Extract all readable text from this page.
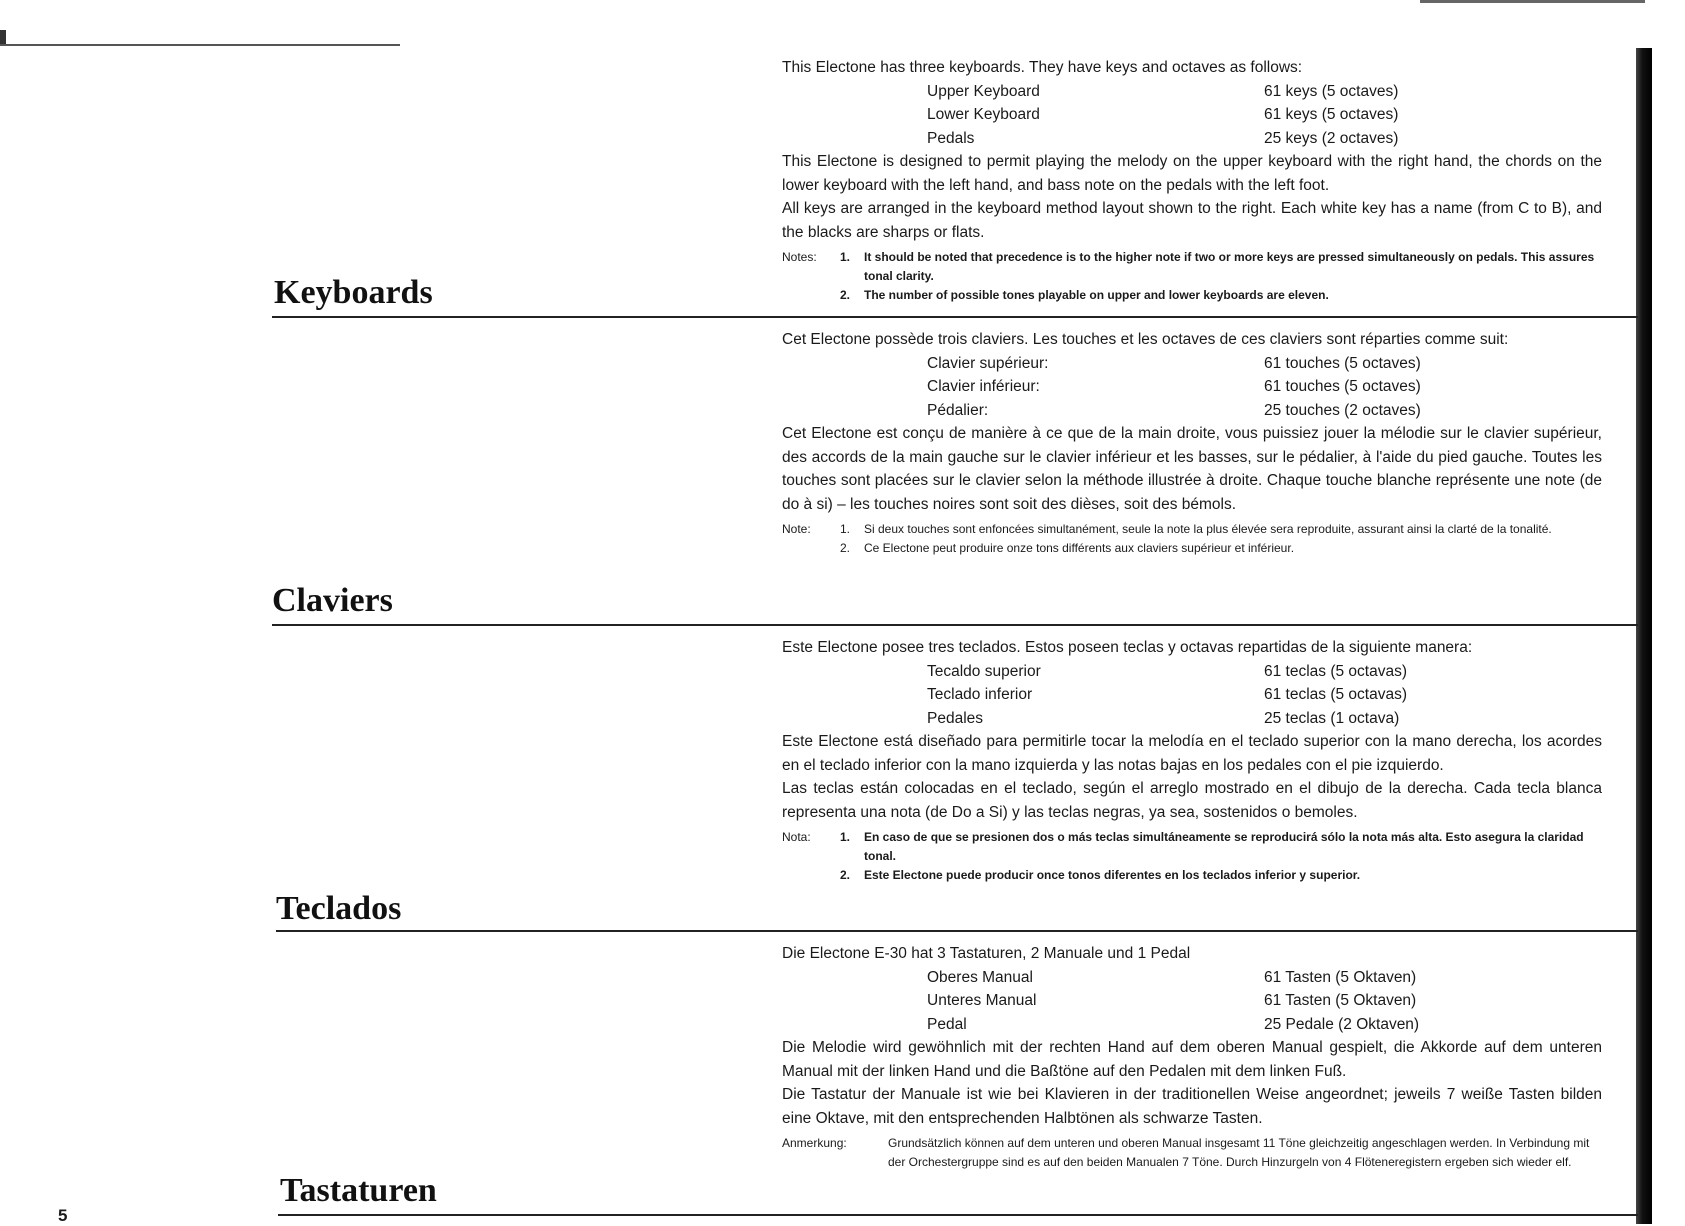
This Electone has three keyboards. They have keys and octaves as follows:

Upper Keyboard	61 keys (5 octaves)
Lower Keyboard	61 keys (5 octaves)
Pedals	25 keys (2 octaves)

This Electone is designed to permit playing the melody on the upper keyboard with the right hand, the chords on the lower keyboard with the left hand, and bass note on the pedals with the left foot.

All keys are arranged in the keyboard method layout shown to the right. Each white key has a name (from C to B), and the blacks are sharps or flats.

Notes:	1.	It should be noted that precedence is to the higher note if two or more keys are pressed simultaneously on pedals. This assures tonal clarity.
2.	The number of possible tones playable on upper and lower keyboards are eleven.
Keyboards

Cet Electone possède trois claviers. Les touches et les octaves de ces claviers sont réparties comme suit:

Clavier supérieur:	61 touches (5 octaves)
Clavier inférieur:	61 touches (5 octaves)
Pédalier:	25 touches (2 octaves)

Cet Electone est conçu de manière à ce que de la main droite, vous puissiez jouer la mélodie sur le clavier supérieur, des accords de la main gauche sur le clavier inférieur et les basses, sur le pédalier, à l'aide du pied gauche. Toutes les touches sont placées sur le clavier selon la méthode illustrée à droite. Chaque touche blanche représente une note (de do à si) – les touches noires sont soit des dièses, soit des bémols.

Note:	1.	Si deux touches sont enfoncées simultanément, seule la note la plus élevée sera reproduite, assurant ainsi la clarté de la tonalité.
2.	Ce Electone peut produire onze tons différents aux claviers supérieur et inférieur.
Claviers

Este Electone posee tres teclados. Estos poseen teclas y octavas repartidas de la siguiente manera:

Tecaldo superior	61 teclas (5 octavas)
Teclado inferior	61 teclas (5 octavas)
Pedales	25 teclas (1 octava)

Este Electone está diseñado para permitirle tocar la melodía en el teclado superior con la mano derecha, los acordes en el teclado inferior con la mano izquierda y las notas bajas en los pedales con el pie izquierdo.

Las teclas están colocadas en el teclado, según el arreglo mostrado en el dibujo de la derecha. Cada tecla blanca representa una nota (de Do a Si) y las teclas negras, ya sea, sostenidos o bemoles.

Nota:	1.	En caso de que se presionen dos o más teclas simultáneamente se reproducirá sólo la nota más alta. Esto asegura la claridad tonal.
2.	Este Electone puede producir once tonos diferentes en los teclados inferior y superior.
Teclados

Die Electone E-30 hat 3 Tastaturen, 2 Manuale und 1 Pedal

Oberes Manual	61 Tasten (5 Oktaven)
Unteres Manual	61 Tasten (5 Oktaven)
Pedal	25 Pedale (2 Oktaven)

Die Melodie wird gewöhnlich mit der rechten Hand auf dem oberen Manual gespielt, die Akkorde auf dem unteren Manual mit der linken Hand und die Baßtöne auf den Pedalen mit dem linken Fuß.

Die Tastatur der Manuale ist wie bei Klavieren in der traditionellen Weise angeordnet; jeweils 7 weiße Tasten bilden eine Oktave, mit den entsprechenden Halbtönen als schwarze Tasten.

Anmerkung:	Grundsätzlich können auf dem unteren und oberen Manual insgesamt 11 Töne gleichzeitig angeschlagen werden. In Verbindung mit der Orchestergruppe sind es auf den beiden Manualen 7 Töne. Durch Hinzurgeln von 4 Flöteneregistern ergeben sich wieder elf.
Tastaturen
5
